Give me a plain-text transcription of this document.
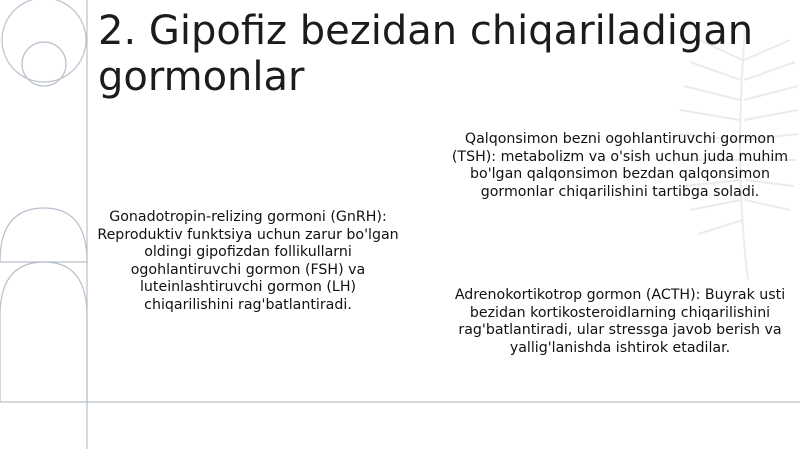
2. Gipofiz bezidan chiqariladigan gormonlar
Gonadotropin-relizing gormoni (GnRH): Reproduktiv funktsiya uchun zarur bo'lgan oldingi gipofizdan follikullarni ogohlantiruvchi gormon (FSH) va luteinlashtiruvchi gormon (LH) chiqarilishini rag'batlantiradi.
Qalqonsimon bezni ogohlantiruvchi gormon (TSH): metabolizm va o'sish uchun juda muhim bo'lgan qalqonsimon bezdan qalqonsimon gormonlar chiqarilishini tartibga soladi.
Adrenokortikotrop gormon (ACTH): Buyrak usti bezidan kortikosteroidlarning chiqarilishini rag'batlantiradi, ular stressga javob berish va yallig'lanishda ishtirok etadilar.
